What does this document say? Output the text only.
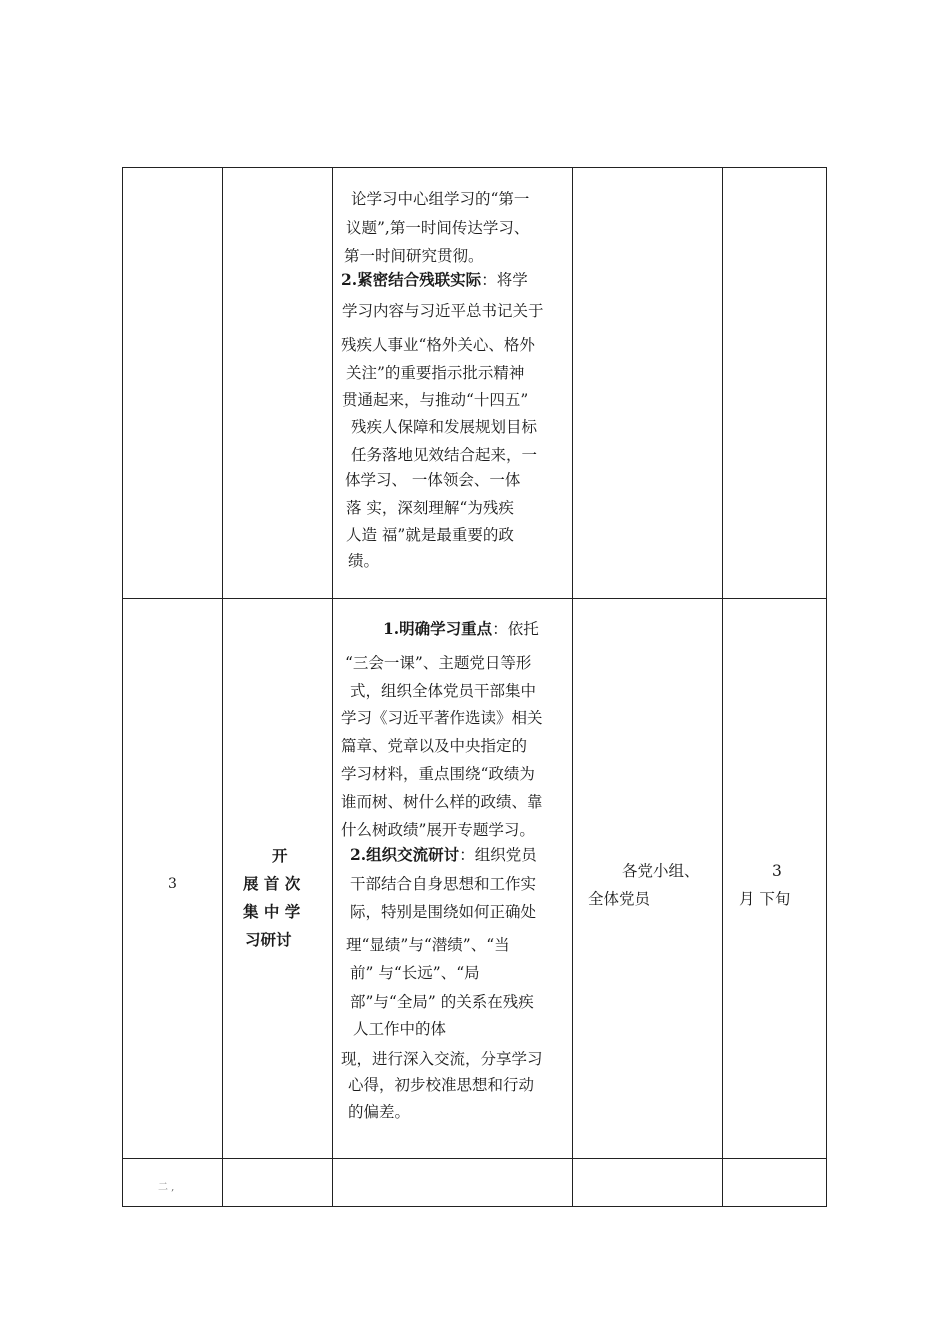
论学习中心组学习的“第一
议题”,第一时间传达学习、
第一时间研究贯彻。
2.紧密结合残联实际：将学
学习内容与习近平总书记关于
残疾人事业“格外关心、格外
关注”的重要指示批示精神
贯通起来，与推动“十四五”
残疾人保障和发展规划目标
任务落地见效结合起来，一
体学习、 一体领会、一体
落 实，深刻理解“为残疾
人造 福”就是最重要的政
绩。
3
开
展 首 次
集 中 学
习研讨
1.明确学习重点：依托
“三会一课”、主题党日等形
式，组织全体党员干部集中
学习《习近平著作选读》相关
篇章、党章以及中央指定的
学习材料，重点围绕“政绩为
谁而树、树什么样的政绩、靠
什么树政绩”展开专题学习。
2.组织交流研讨：组织党员
干部结合自身思想和工作实
际，特别是围绕如何正确处
理“显绩”与“潜绩”、“当
前” 与“长远”、“局
部”与“全局” 的关系在残疾
人工作中的体
现，进行深入交流，分享学习
心得，初步校准思想和行动
的偏差。
各党小组、
全体党员
3
月 下旬
二 ,
